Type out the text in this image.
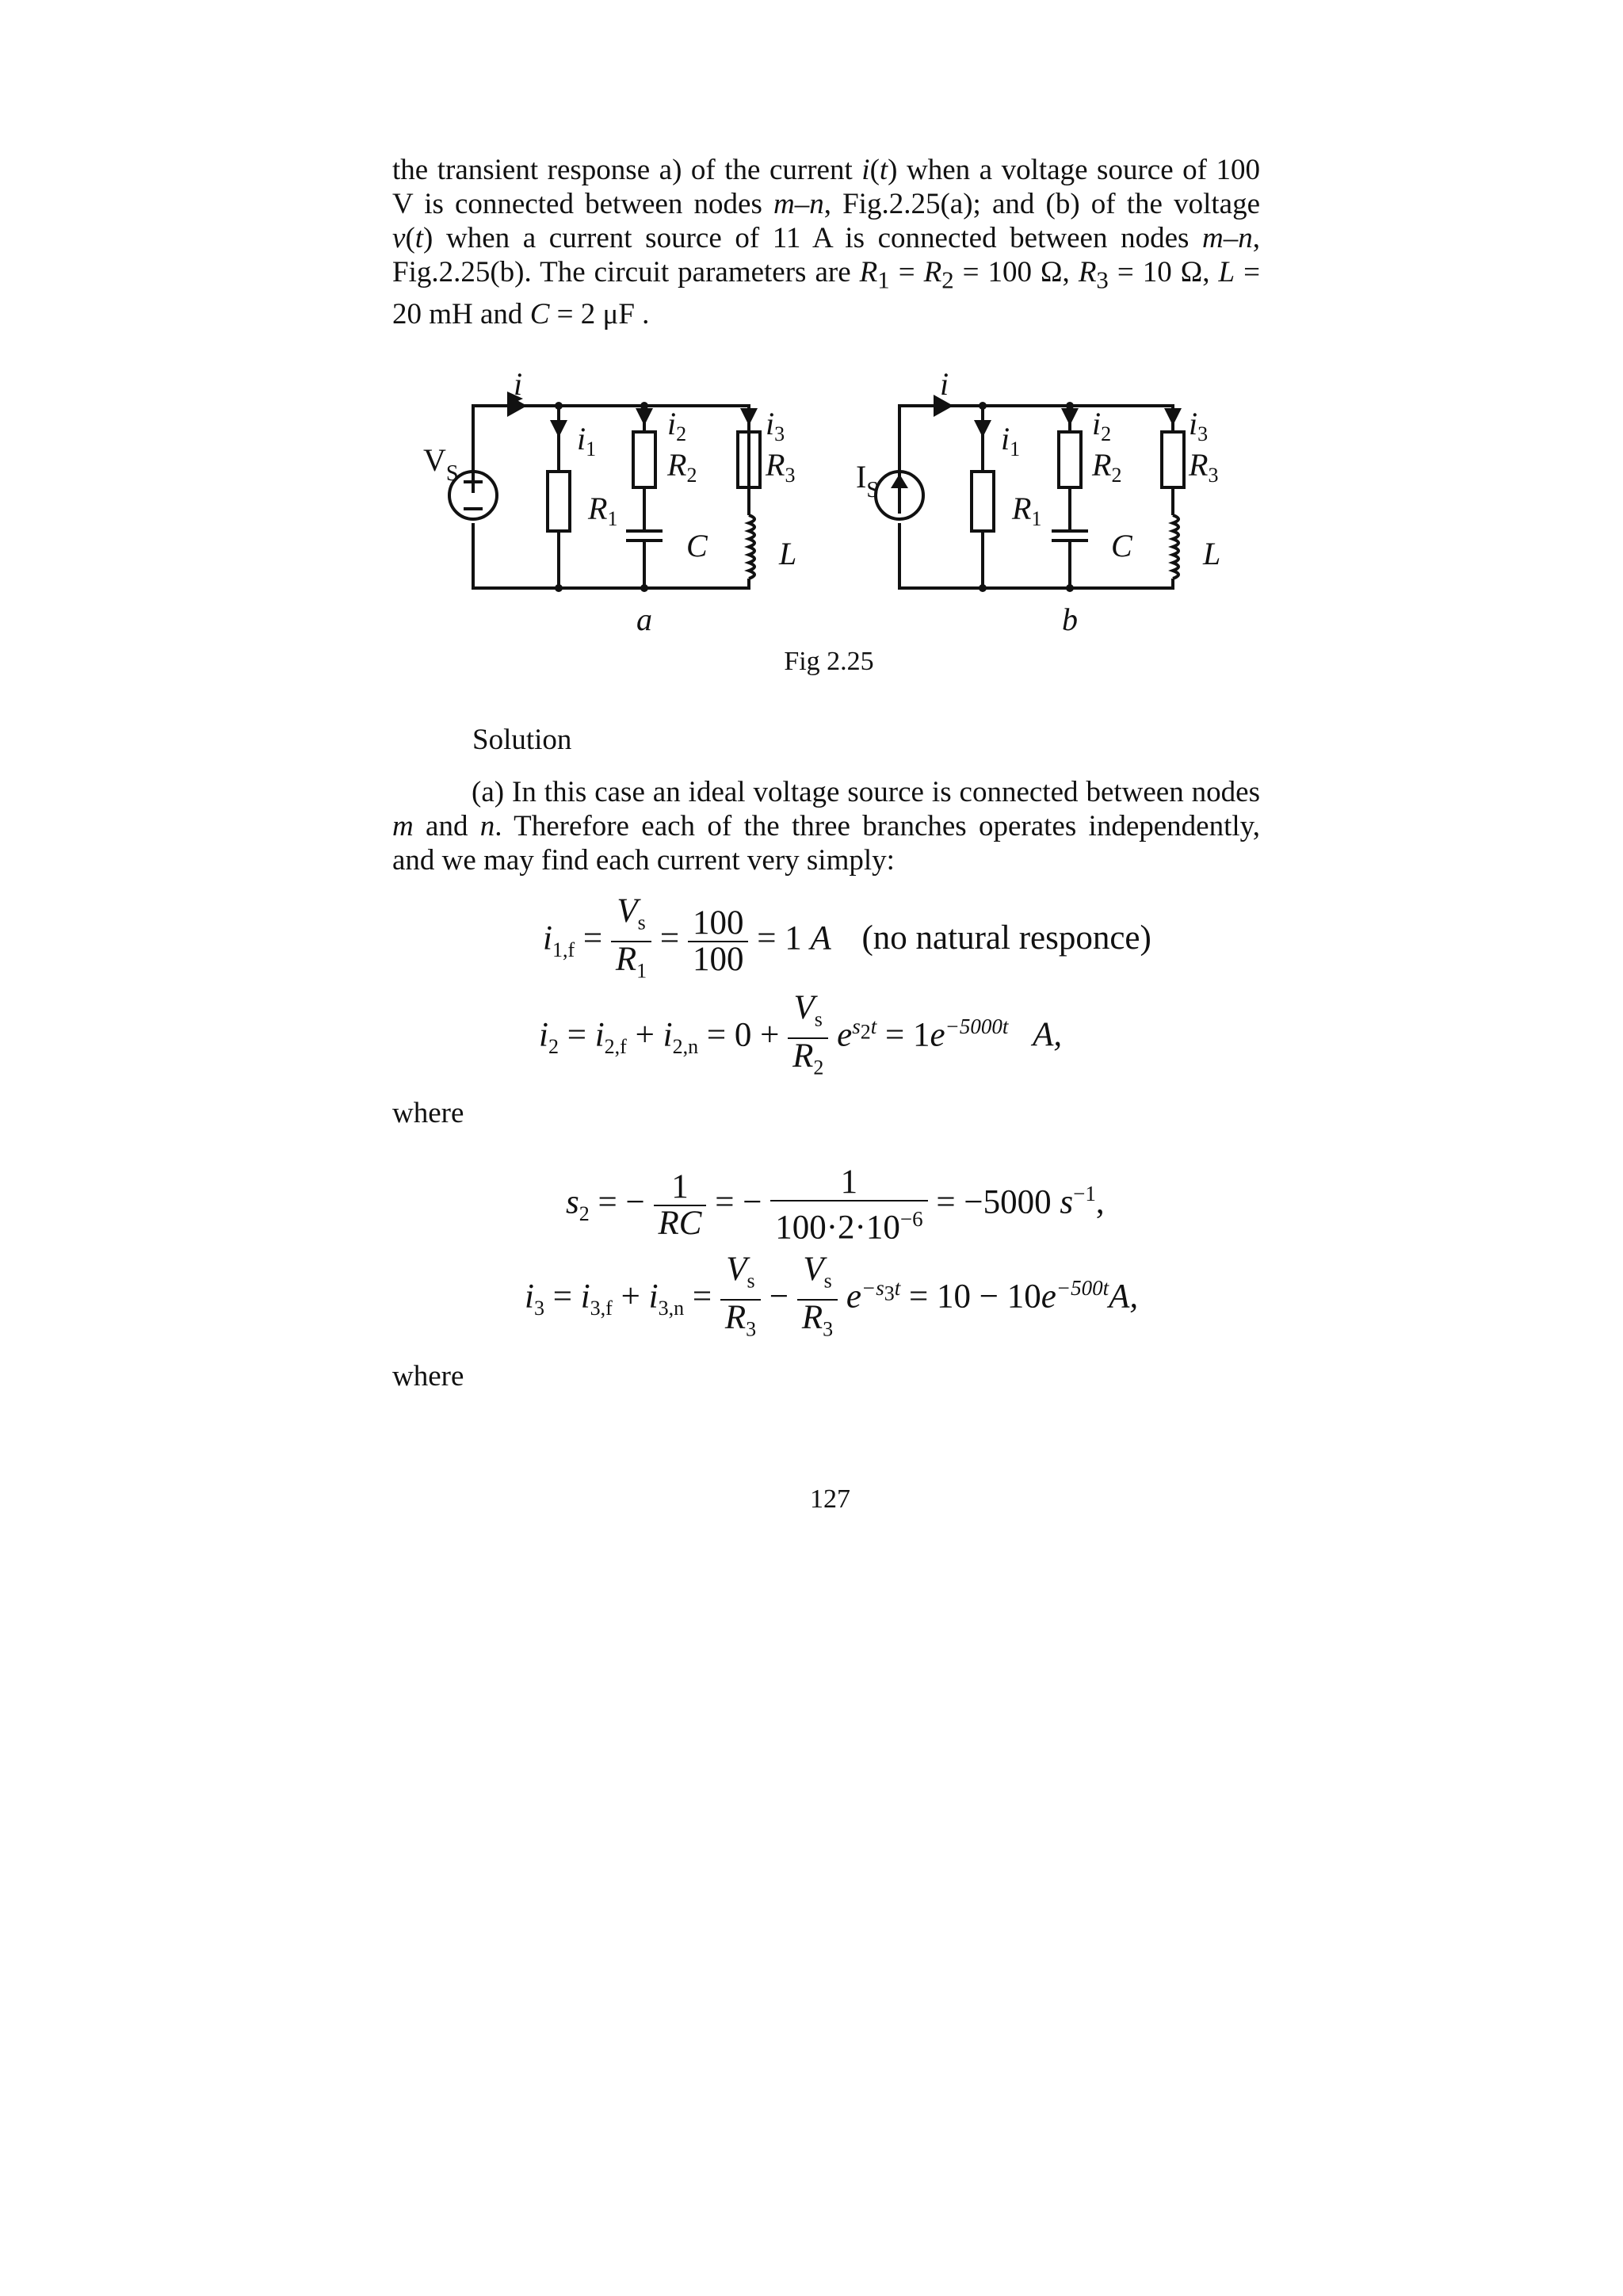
the transient response a) of the current i(t) when a voltage source of 100 V is connected between nodes m–n, Fig.2.25(a); and (b) of the voltage v(t) when a current source of 11 A is connected between nodes m–n, Fig.2.25(b). The circuit parameters are $R_1 = R_2 = 100$ Ω, $R_3 = 10$ Ω, L = 20 mH and C = 2 μF .

i
$i_1$
$i_2$ $i_3$
$R_2$ $R_3$
$R_1$
C L
a
$V_S$
i
$i_1$
$i_2$ $i_3$
$R_2$ $R_3$
$R_1$
C L
b
$I_S$
Fig 2.25
Solution

(a) In this case an ideal voltage source is connected between nodes m and n. Therefore each of the three branches operates independently, and we may find each current very simply:

$i_{1,f} = \frac{V_s}{R_1} = \frac{100}{100} = 1$ A (no natural responce)
$i_2 = i_{2,f} + i_{2,n} = 0 + \frac{V_s}{R_2} e^{s_2t} = 1e^{-5000t}$ A,
where
$s_2$ = − $\frac{1}{RC}$ = − $\frac{1}{100\cdot 2\cdot 10^{-6}} = -5000$ $s^{-1}$,
$i_3 = i_{3,f} + i_{3,n} = \frac{V_s}{R_3} - \frac{V_s}{R_3} e^{-s_3t} = 10 - 10e^{-500t}A$,
where
127
